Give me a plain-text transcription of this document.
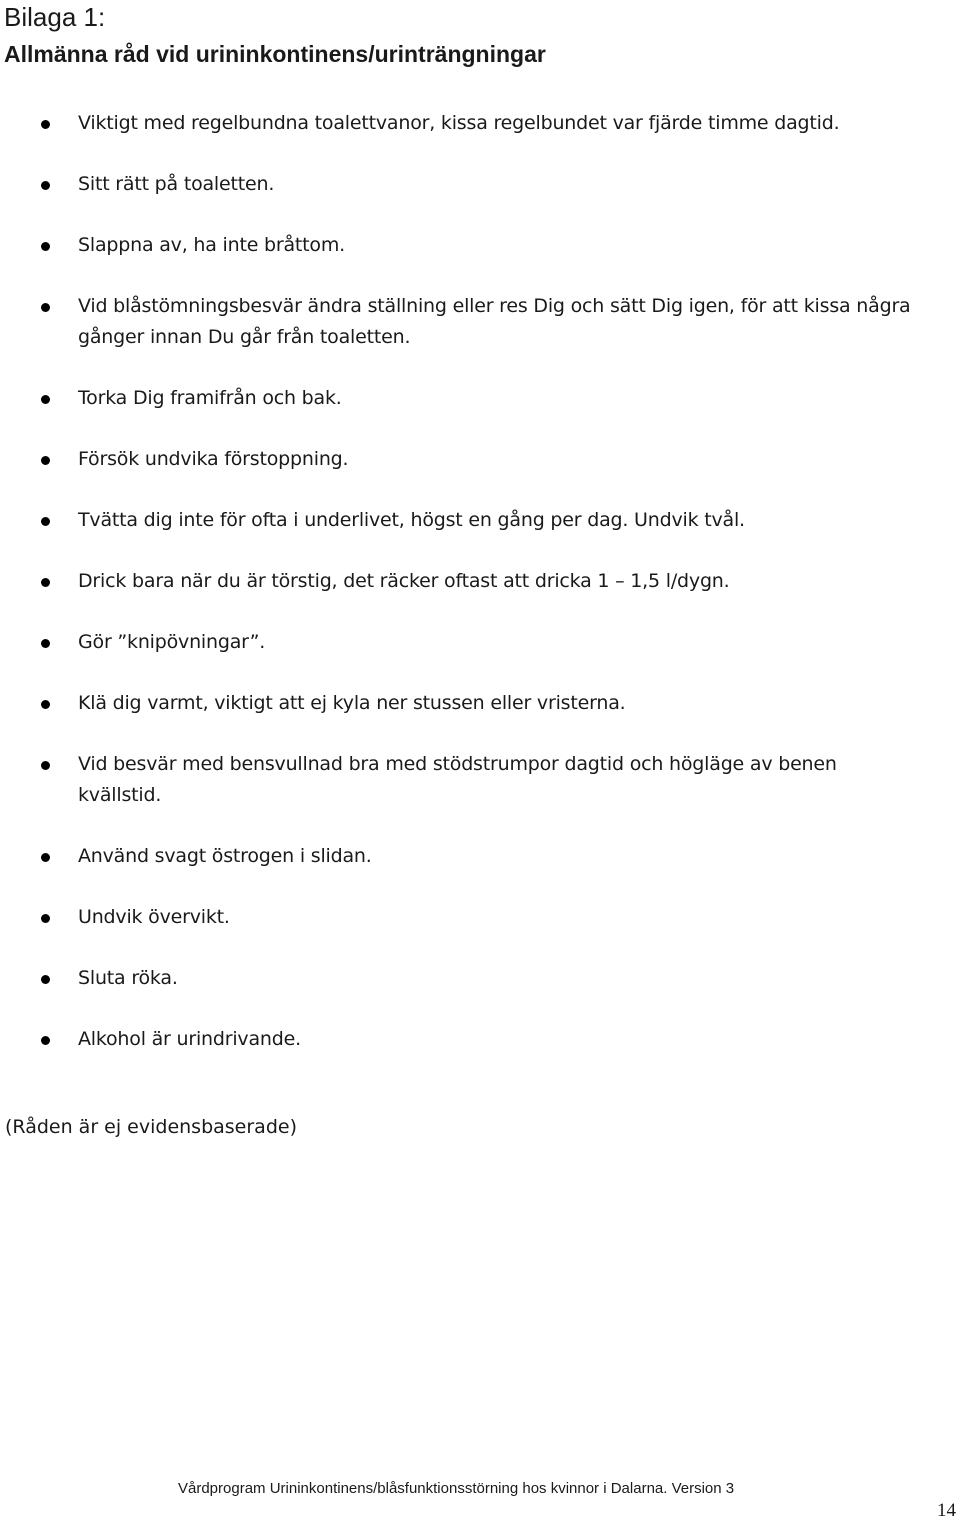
Bilaga 1:
Allmänna råd vid urininkontinens/urinträngningar
Viktigt med regelbundna toalettvanor, kissa regelbundet var fjärde timme dagtid.
Sitt rätt på toaletten.
Slappna av, ha inte bråttom.
Vid blåstömningsbesvär ändra ställning eller res Dig och sätt Dig igen, för att kissa några
gånger innan Du går från toaletten.
Torka Dig framifrån och bak.
Försök undvika förstoppning.
Tvätta dig inte för ofta i underlivet, högst en gång per dag. Undvik tvål.
Drick bara när du är törstig, det räcker oftast att dricka 1 – 1,5 l/dygn.
Gör ”knipövningar”.
Klä dig varmt, viktigt att ej kyla ner stussen eller vristerna.
Vid besvär med bensvullnad bra med stödstrumpor dagtid och högläge av benen
kvällstid.
Använd svagt östrogen i slidan.
Undvik övervikt.
Sluta röka.
Alkohol är urindrivande.
(Råden är ej evidensbaserade)
Vårdprogram Urininkontinens/blåsfunktionsstörning hos kvinnor i Dalarna. Version 3
14
